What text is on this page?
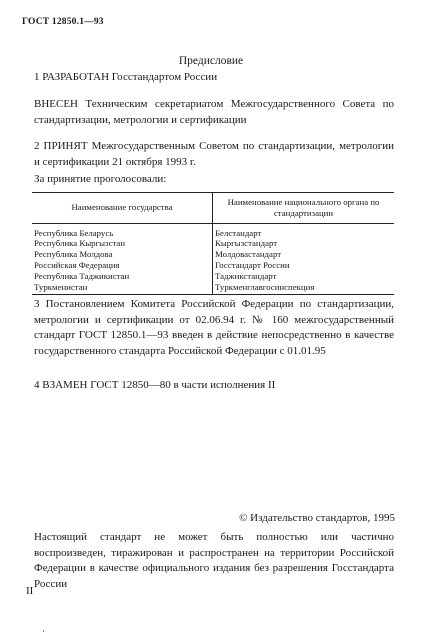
ГОСТ 12850.1—93
Предисловие
1 РАЗРАБОТАН Госстандартом России
ВНЕСЕН Техническим секретариатом Межгосударственного Совета по стандартизации, метрологии и сертификации
2 ПРИНЯТ Межгосударственным Советом по стандартизации, метрологии и сертификации 21 октября 1993 г.
За принятие проголосовали:
Наименование государства	Наименование национального органа по стандартизации
Республика Беларусь	Белстандарт
Республика Кыргызстан	Кыргызстандарт
Республика Молдова	Молдовастандарт
Российская Федерация	Госстандарт России
Республика Таджикистан	Таджикстандарт
Туркменистан	Туркменглавгосинспекция
3 Постановлением Комитета Российской Федерации по стандартизации, метрологии и сертификации от 02.06.94 г. № 160 межгосударственный стандарт ГОСТ 12850.1—93 введен в действие непосредственно в качестве государственного стандарта Российской Федерации с 01.01.95
4 ВЗАМЕН ГОСТ 12850—80 в части исполнения II
© Издательство стандартов, 1995
Настоящий стандарт не может быть полностью или частично воспроизведен, тиражирован и распространен на территории Российской Федерации в качестве официального издания без разрешения Госстандарта России
II
